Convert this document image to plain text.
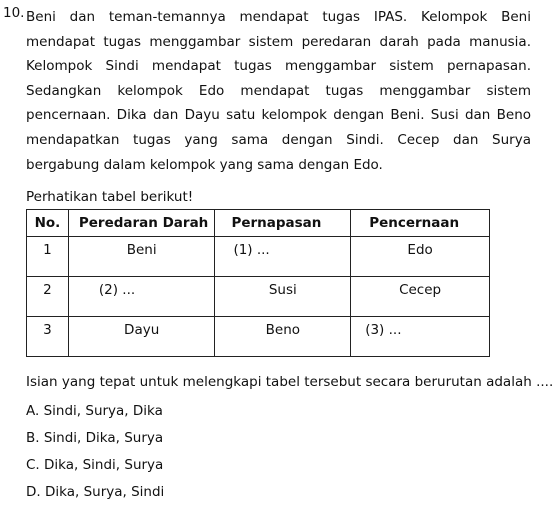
10. Beni dan teman-temannya mendapat tugas IPAS. Kelompok Beni mendapat tugas menggambar sistem peredaran darah pada manusia. Kelompok Sindi mendapat tugas menggambar sistem pernapasan. Sedangkan kelompok Edo mendapat tugas menggambar sistem pencernaan. Dika dan Dayu satu kelompok dengan Beni. Susi dan Beno mendapatkan tugas yang sama dengan Sindi. Cecep dan Surya bergabung dalam kelompok yang sama dengan Edo.
Perhatikan tabel berikut!
No.	Peredaran Darah	Pernapasan	Pencernaan
1	Beni	(1) ...	Edo
2	(2) ...	Susi	Cecep
3	Dayu	Beno	(3) ...
Isian yang tepat untuk melengkapi tabel tersebut secara berurutan adalah ....
A. Sindi, Surya, Dika
B. Sindi, Dika, Surya
C. Dika, Sindi, Surya
D. Dika, Surya, Sindi
